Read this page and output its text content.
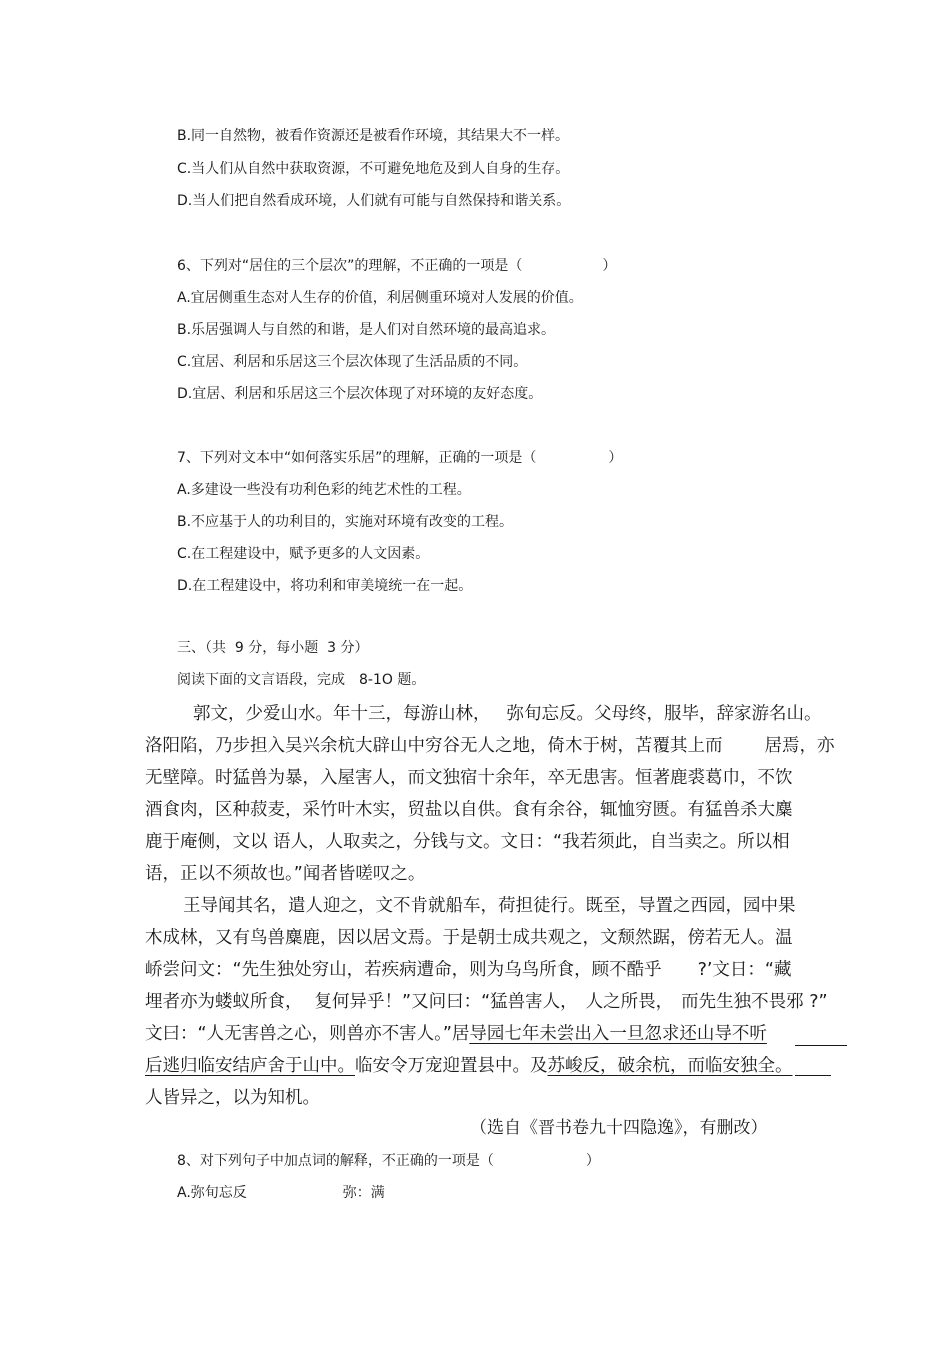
B.同一自然物，被看作资源还是被看作环境，其结果大不一样。
C.当人们从自然中获取资源，不可避免地危及到人自身的生存。
D.当人们把自然看成环境，人们就有可能与自然保持和谐关系。
6、下列对“居住的三个层次”的理解，不正确的一项是（	）
A.宜居侧重生态对人生存的价值，利居侧重环境对人发展的价值。
B.乐居强调人与自然的和谐，是人们对自然环境的最高追求。
C.宜居、利居和乐居这三个层次体现了生活品质的不同。
D.宜居、利居和乐居这三个层次体现了对环境的友好态度。
7、下列对文本中“如何落实乐居”的理解，正确的一项是（	）
A.多建设一些没有功利色彩的纯艺术性的工程。
B.不应基于人的功利目的，实施对环境有改变的工程。
C.在工程建设中，赋予更多的人文因素。
D.在工程建设中，将功利和审美境统一在一起。
三、（共  9 分，每小题  3 分）
阅读下面的文言语段，完成 8-1O 题。
郭文，少爱山水。年十三，每游山林， 弥旬忘反。父母终，服毕，辞家游名山。
洛阳陷，乃步担入吴兴余杭大辟山中穷谷无人之地，倚木于树，苫覆其上而 居焉，亦
无壁障。时猛兽为暴，入屋害人，而文独宿十余年，卒无患害。恒著鹿裘葛巾，不饮
酒食肉，区种菽麦，采竹叶木实，贸盐以自供。食有余谷，辄恤穷匮。有猛兽杀大麋
鹿于庵侧，文以 语人，人取卖之，分钱与文。文日：“我若须此，自当卖之。所以相
语，正以不须故也。”闻者皆嗟叹之。
王导闻其名，遣人迎之，文不肯就船车，荷担徒行。既至，导置之西园，园中果
木成林，又有鸟兽麋鹿，因以居文焉。于是朝士成共观之，文颓然踞，傍若无人。温
峤尝问文：“先生独处穷山，若疾病遭命，则为乌鸟所食，顾不酷乎 ?’文日：“藏
埋者亦为蝼蚁所食， 复何异乎！”又问曰：“猛兽害人， 人之所畏， 而先生独不畏邪 ?”
文曰：“人无害兽之心，则兽亦不害人。”居导园七年未尝出入一旦忽求还山导不听
后逃归临安结庐舍于山中。临安令万宠迎置县中。及苏峻反，破余杭，而临安独全。
人皆异之，以为知机。
（选自《晋书卷九十四隐逸》，有删改）
8、对下列句子中加点词的解释，不正确的一项是（	）
A.弥旬忘反	弥：满
